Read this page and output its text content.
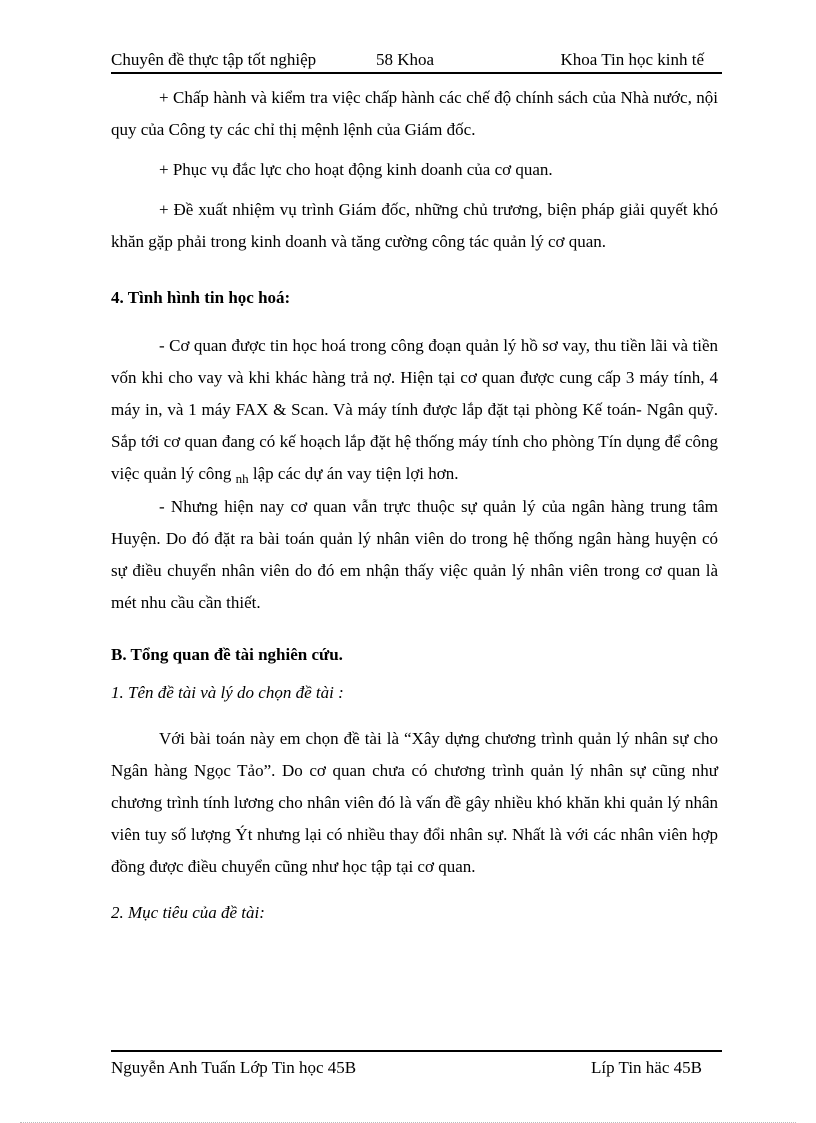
Chuyên đề thực tập tốt nghiệp	58 Khoa	Khoa Tin học kinh tế

+ Chấp hành và kiểm tra việc chấp hành các chế độ chính sách của Nhà nước, nội quy của Công ty các chỉ thị mệnh lệnh của Giám đốc.

+ Phục vụ đắc lực cho hoạt động kinh doanh của cơ quan.

+ Đề xuất nhiệm vụ trình Giám đốc, những chủ trương, biện pháp giải quyết khó khăn gặp phải trong kinh doanh và tăng cường công tác quản lý cơ quan.

4. Tình hình tin học hoá:

- Cơ quan được tin học hoá trong công đoạn quản lý hồ sơ vay, thu tiền lãi và tiền vốn khi cho vay và khi khác hàng trả nợ. Hiện tại cơ quan được cung cấp 3 máy tính, 4 máy in, và 1 máy FAX & Scan. Và máy tính được lắp đặt tại phòng Kế toán- Ngân quỹ. Sắp tới cơ quan đang có kế hoạch lắp đặt hệ thống máy tính cho phòng Tín dụng để công việc quản lý công $_{nh}$ lập các dự án vay tiện lợi hơn.

- Nhưng hiện nay cơ quan vẫn trực thuộc sự quản lý của ngân hàng trung tâm Huyện. Do đó đặt ra bài toán quản lý nhân viên do trong hệ thống ngân hàng huyện có sự điều chuyển nhân viên do đó em nhận thấy việc quản lý nhân viên trong cơ quan là mét nhu cầu cần thiết.

B. Tổng quan đề tài nghiên cứu.

1. Tên đề tài và lý do chọn đề tài :

Với bài toán này em chọn đề tài là “Xây dựng chương trình quản lý nhân sự cho Ngân hàng Ngọc Tảo”. Do cơ quan chưa có chương trình quản lý nhân sự cũng như chương trình tính lương cho nhân viên đó là vấn đề gây nhiều khó khăn khi quản lý nhân viên tuy số lượng Ýt nhưng lại có nhiều thay đổi nhân sự. Nhất là với các nhân viên hợp đồng được điều chuyển cũng như học tập tại cơ quan.

2. Mục tiêu của đề tài:

Nguyễn Anh Tuấn Lớp Tin học 45B	Líp Tin häc 45B
